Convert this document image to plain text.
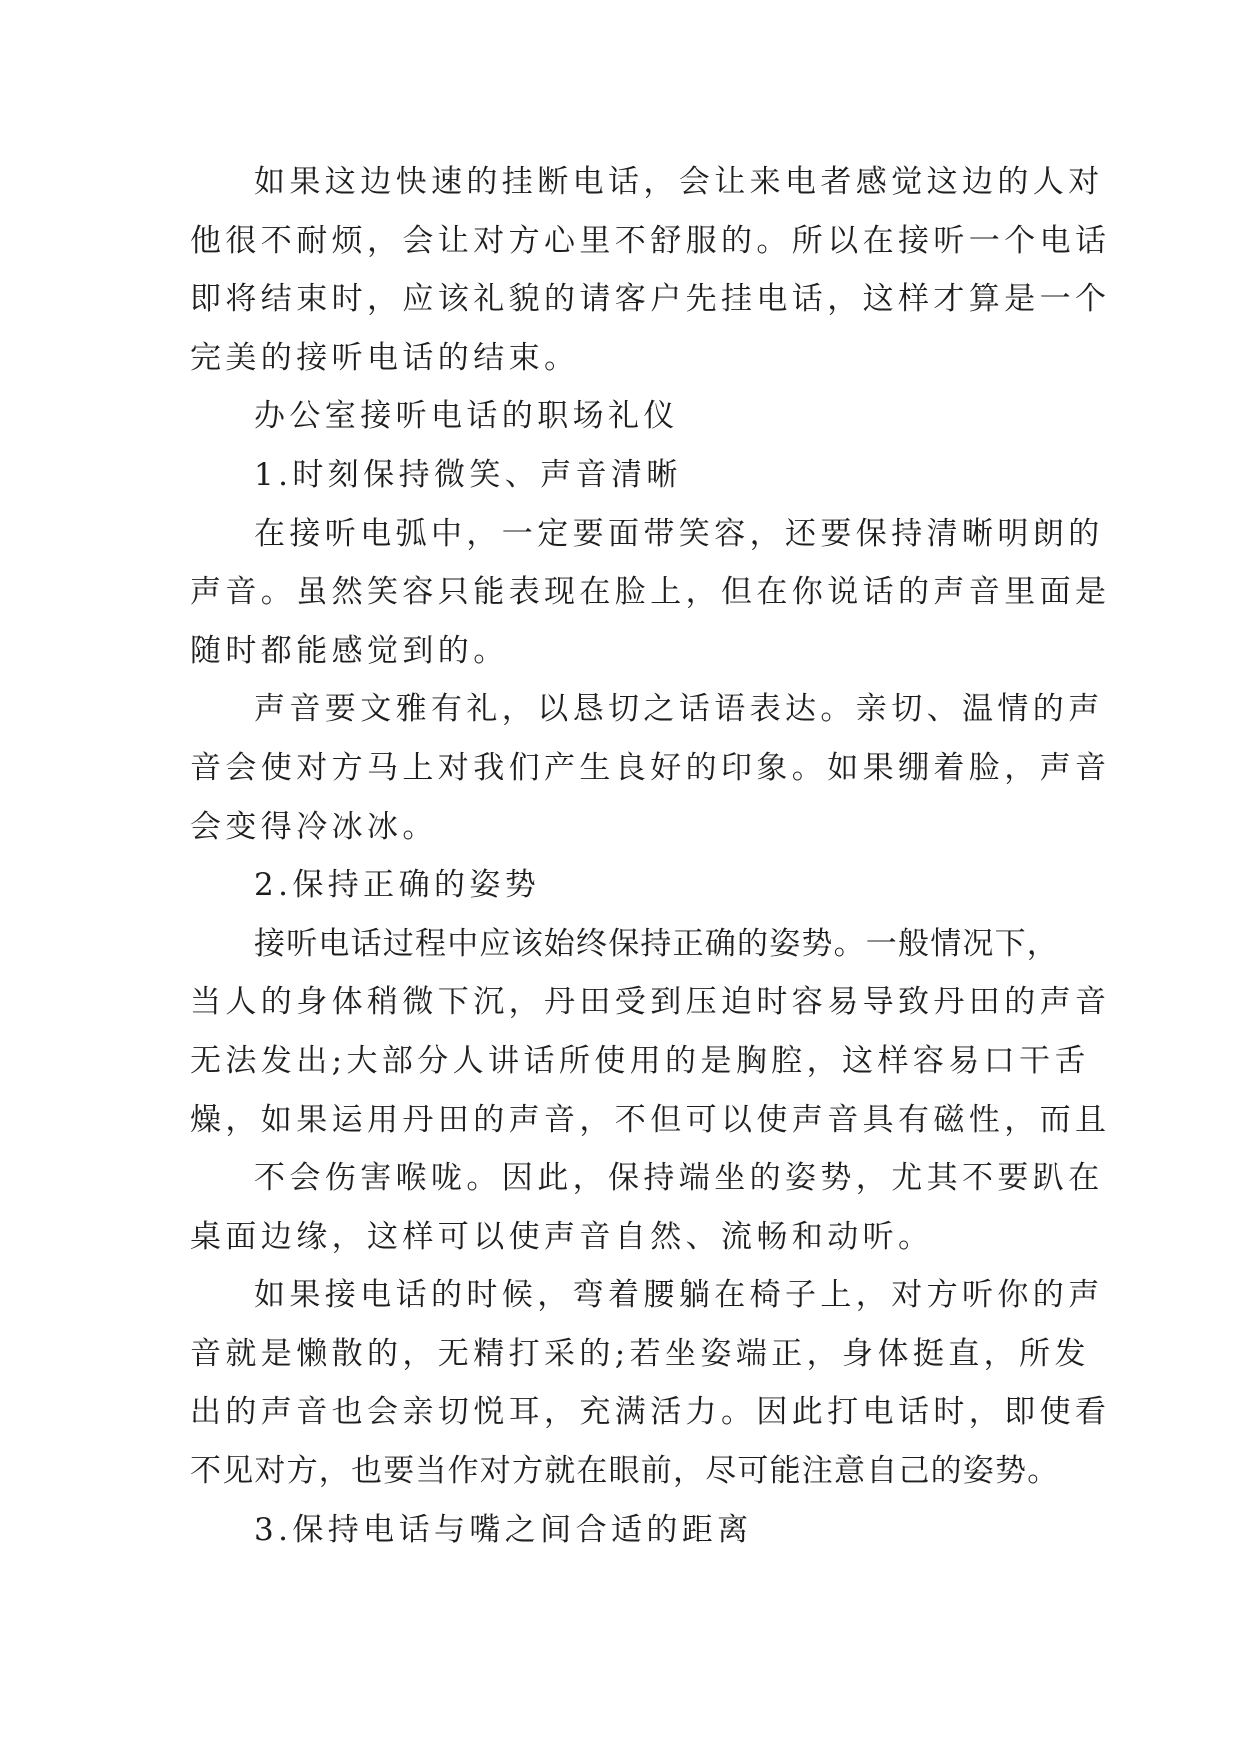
如果这边快速的挂断电话，会让来电者感觉这边的人对
他很不耐烦，会让对方心里不舒服的。所以在接听一个电话
即将结束时，应该礼貌的请客户先挂电话，这样才算是一个
完美的接听电话的结束。
办公室接听电话的职场礼仪
1.时刻保持微笑、声音清晰
在接听电弧中，一定要面带笑容，还要保持清晰明朗的
声音。虽然笑容只能表现在脸上，但在你说话的声音里面是
随时都能感觉到的。
声音要文雅有礼，以恳切之话语表达。亲切、温情的声
音会使对方马上对我们产生良好的印象。如果绷着脸，声音
会变得冷冰冰。
2.保持正确的姿势
接听电话过程中应该始终保持正确的姿势。一般情况下，
当人的身体稍微下沉，丹田受到压迫时容易导致丹田的声音
无法发出;大部分人讲话所使用的是胸腔，这样容易口干舌
燥，如果运用丹田的声音，不但可以使声音具有磁性，而且
不会伤害喉咙。因此，保持端坐的姿势，尤其不要趴在
桌面边缘，这样可以使声音自然、流畅和动听。
如果接电话的时候，弯着腰躺在椅子上，对方听你的声
音就是懒散的，无精打采的;若坐姿端正，身体挺直，所发
出的声音也会亲切悦耳，充满活力。因此打电话时，即使看
不见对方，也要当作对方就在眼前，尽可能注意自己的姿势。
3.保持电话与嘴之间合适的距离
